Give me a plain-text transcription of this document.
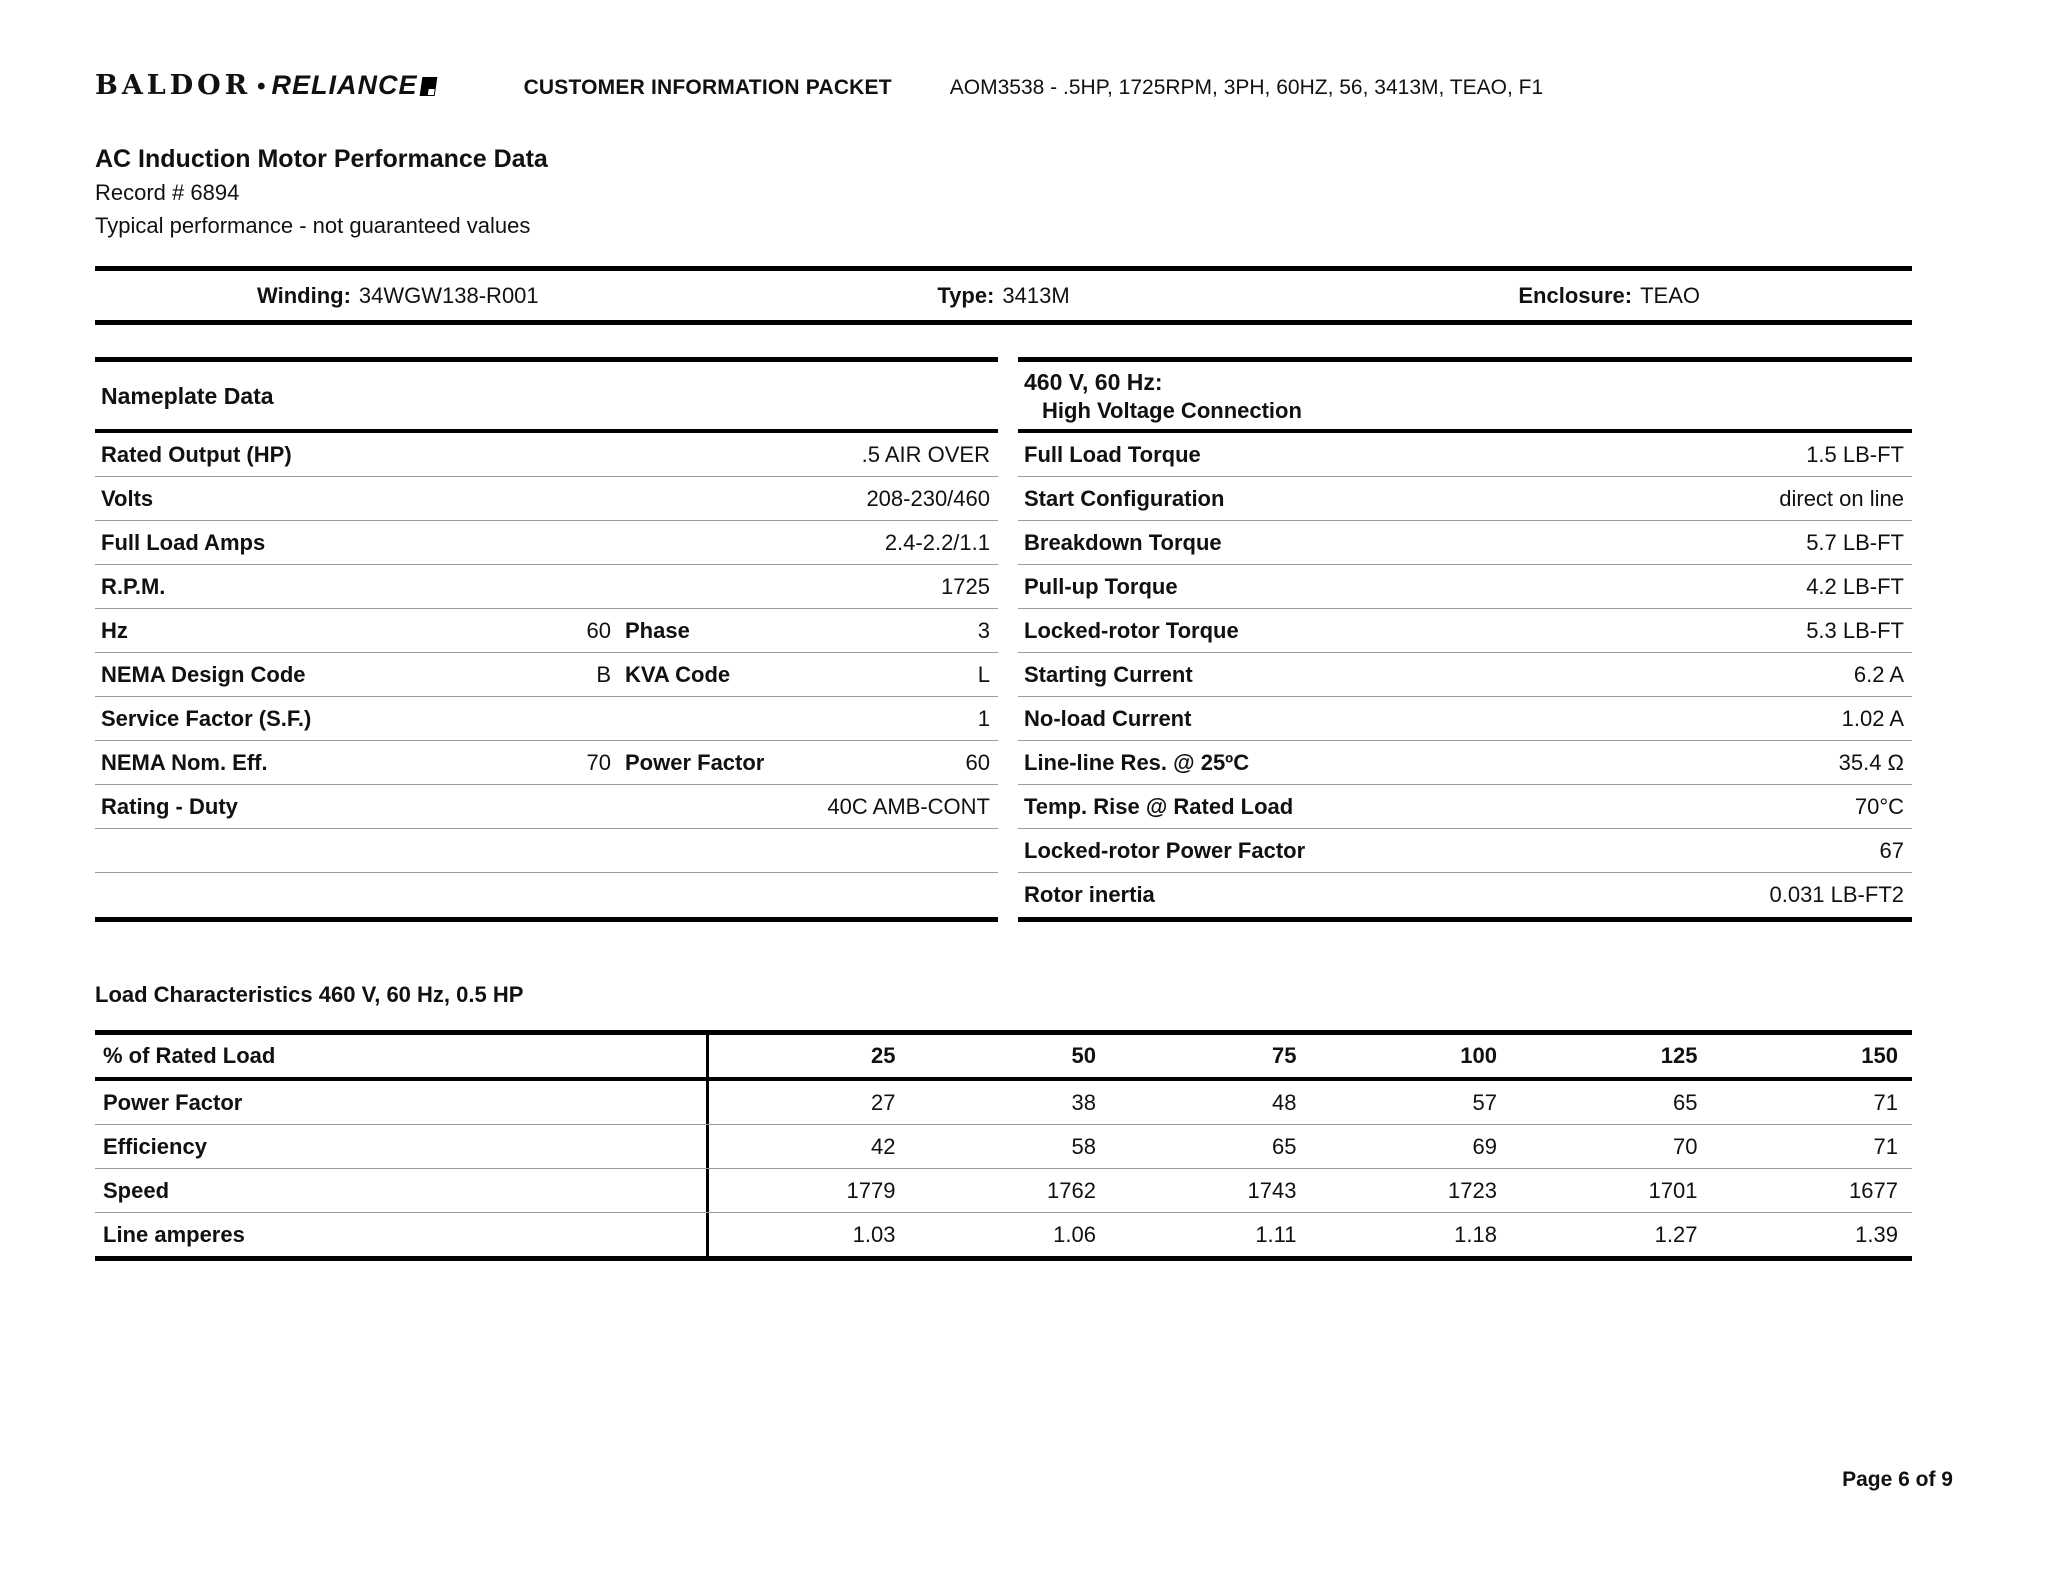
BALDOR • RELIANCE	CUSTOMER INFORMATION PACKET	AOM3538 - .5HP, 1725RPM, 3PH, 60HZ, 56, 3413M, TEAO, F1
AC Induction Motor Performance Data
Record # 6894
Typical performance - not guaranteed values
Winding: 34WGW138-R001	Type: 3413M	Enclosure: TEAO
Nameplate Data
Rated Output (HP)	.5 AIR OVER
Volts	208-230/460
Full Load Amps	2.4-2.2/1.1
R.P.M.	1725
Hz	60 Phase	3
NEMA Design Code	B KVA Code	L
Service Factor (S.F.)	1
NEMA Nom. Eff.	70 Power Factor	60
Rating - Duty	40C AMB-CONT
460 V, 60 Hz:
High Voltage Connection
Full Load Torque	1.5 LB-FT
Start Configuration	direct on line
Breakdown Torque	5.7 LB-FT
Pull-up Torque	4.2 LB-FT
Locked-rotor Torque	5.3 LB-FT
Starting Current	6.2 A
No-load Current	1.02 A
Line-line Res. @ 25ºC	35.4 Ω
Temp. Rise @ Rated Load	70°C
Locked-rotor Power Factor	67
Rotor inertia	0.031 LB-FT2
Load Characteristics 460 V, 60 Hz, 0.5 HP
% of Rated Load	25	50	75	100	125	150
Power Factor	27	38	48	57	65	71
Efficiency	42	58	65	69	70	71
Speed	1779	1762	1743	1723	1701	1677
Line amperes	1.03	1.06	1.11	1.18	1.27	1.39
Page 6 of 9
